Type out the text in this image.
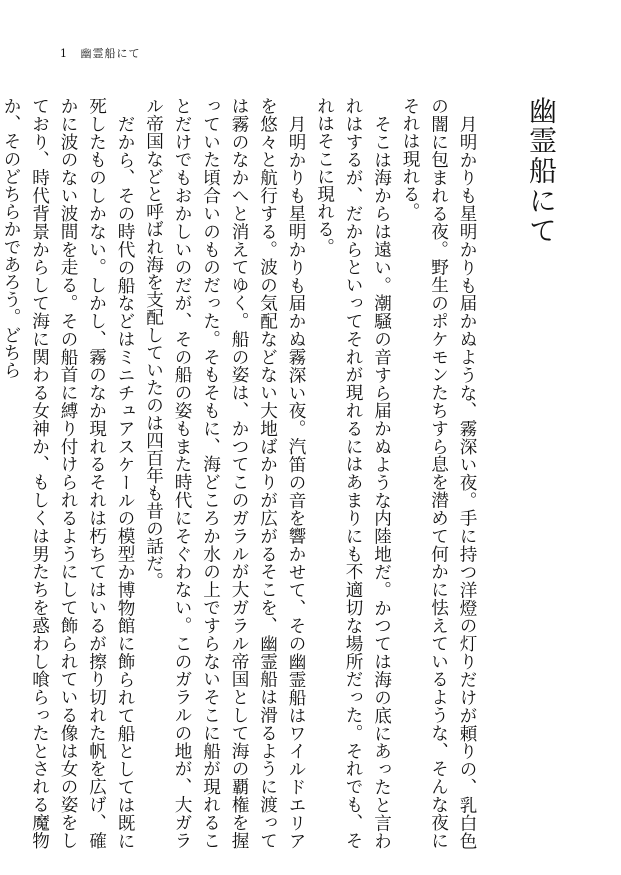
1 幽霊船にて
幽霊船にて

月明かりも星明かりも届かぬような、霧深い夜。手に持つ洋燈の灯りだけが頼りの、乳白色の闇に包まれる夜。野生のポケモンたちすら息を潜めて何かに怯えているような、そんな夜にそれは現れる。

そこは海からは遠い。潮騒の音すら届かぬような内陸地だ。かつては海の底にあったと言われはするが、だからといってそれが現れるにはあまりにも不適切な場所だった。それでも、それはそこに現れる。

月明かりも星明かりも届かぬ霧深い夜。汽笛の音を響かせて、その幽霊船はワイルドエリアを悠々と航行する。波の気配などない大地ばかりが広がるそこを、幽霊船は滑るように渡っては霧のなかへと消えてゆく。船の姿は、かつてこのガラルが大ガラル帝国として海の覇権を握っていた頃合いのものだった。そもそもに、海どころか水の上ですらないそこに船が現れることだけでもおかしいのだが、その船の姿もまた時代にそぐわない。このガラルの地が、大ガラル帝国などと呼ばれ海を支配していたのは四百年も昔の話だ。

だから、その時代の船などはミニチュアスケールの模型か博物館に飾られて船としては既に死したものしかない。しかし、霧のなか現れるそれは朽ちてはいるが擦り切れた帆を広げ、確かに波のない波間を走る。その船首に縛り付けられるようにして飾られている像は女の姿をしており、時代背景からして海に関わる女神か、もしくは男たちを惑わし喰らったとされる魔物か、そのどちらかであろう。どちら
